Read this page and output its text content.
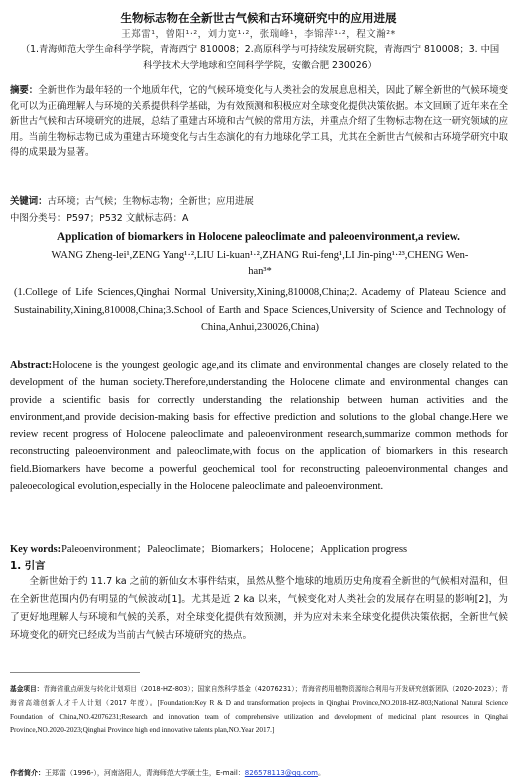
生物标志物在全新世古气候和古环境研究中的应用进展
王郑雷¹，曾阳¹·²，刘力宽¹·²，张瑞峰¹，李锦萍¹·²，程文瀚²*
（1.青海师范大学生命科学学院，青海西宁 810008；2.高原科学与可持续发展研究院，青海西宁 810008；3. 中国科学技术大学地球和空间科学学院，安徽合肥 230026）
摘要：全新世作为最年轻的一个地质年代，它的气候环境变化与人类社会的发展息息相关，因此了解全新世的气候环境变化可以为正确理解人与环境的关系提供科学基础，为有效预测和积极应对全球变化提供决策依据。本文回顾了近年来在全新世古气候和古环境研究的进展，总结了重建古环境和古气候的常用方法，并重点介绍了生物标志物在这一研究领域的应用。当前生物标志物已成为重建古环境变化与古生态演化的有力地球化学工具，尤其在全新世古气候和古环境学研究中取得的成果最为显著。
关键词：古环境；古气候；生物标志物；全新世；应用进展
中图分类号：P597；P532 文献标志码：A
Application of biomarkers in Holocene paleoclimate and paleoenvironment,a review.
WANG Zheng-lei¹,ZENG Yang¹·²,LIU Li-kuan¹·²,ZHANG Rui-feng¹,LI Jin-ping¹·²³,CHENG Wen-han³*
(1.College of Life Sciences,Qinghai Normal University,Xining,810008,China;2. Academy of Plateau Science and Sustainability,Xining,810008,China;3.School of Earth and Space Sciences,University of Science and Technology of China,Anhui,230026,China)
Abstract:Holocene is the youngest geologic age,and its climate and environmental changes are closely related to the development of the human society.Therefore,understanding the Holocene climate and environmental changes can provide a scientific basis for correctly understanding the relationship between human activities and the environment,and provide decision-making basis for effective prediction and solutions to the global change.Here we review recent progress of Holocene paleoclimate and paleoenvironment research,summarize common methods for reconstructing paleoenvironment and paleoclimate,with focus on the application of biomarkers in this research field.Biomarkers have become a powerful geochemical tool for reconstructing paleoenvironmental changes and paleoecological evolution,especially in the Holocene paleoclimate and paleoenvironment.
Key words:Paleoenvironment；Paleoclimate；Biomarkers；Holocene；Application progress
1. 引言
全新世始于约 11.7 ka 之前的新仙女木事件结束，虽然从整个地球的地质历史角度看全新世的气候相对温和，但在全新世范围内仍有明显的气候波动[1]。尤其是近 2 ka 以来，气候变化对人类社会的发展存在明显的影响[2]，为了更好地理解人与环境和气候的关系，对全球变化提供有效预测，并为应对未来全球变化提供决策依据，全新世气候环境变化的研究已经成为当前古气候古环境研究的热点。
基金项目：青海省重点研发与转化计划项目（2018-HZ-803）；国家自然科学基金（42076231）；青海省药用植物资源综合利用与开发研究创新团队（2020-2023）；青海省高端创新人才千人计划（2017 年度）。[Foundation:Key R & D and transformation projects in Qinghai Province,NO.2018-HZ-803;National Natural Science Foundation of China,NO.42076231;Research and innovation team of comprehensive utilization and development of medicinal plant resources in Qinghai Province,NO.2020-2023;Qinghai Province high end innovative talents plan,NO.Year 2017.]
作者简介：王郑雷（1996-），河南洛阳人，青海师范大学硕士生，E-mail：826578113@qq.com。
